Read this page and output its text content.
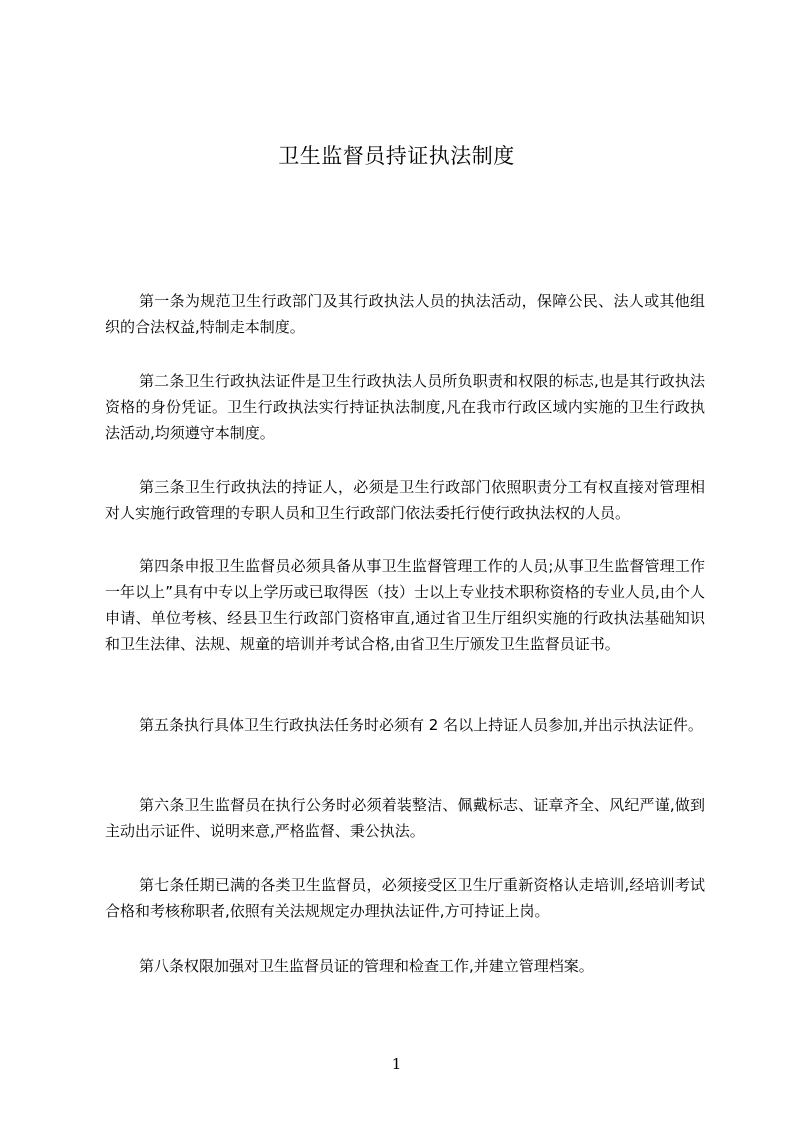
卫生监督员持证执法制度
第一条为规范卫生行政部门及其行政执法人员的执法活动，保障公民、法人或其他组织的合法权益,特制走本制度。
第二条卫生行政执法证件是卫生行政执法人员所负职责和权限的标志,也是其行政执法资格的身份凭证。卫生行政执法实行持证执法制度,凡在我市行政区域内实施的卫生行政执法活动,均须遵守本制度。
第三条卫生行政执法的持证人，必须是卫生行政部门依照职责分工有权直接对管理相对人实施行政管理的专职人员和卫生行政部门依法委托行使行政执法权的人员。
第四条申报卫生监督员必须具备从事卫生监督管理工作的人员;从事卫生监督管理工作一年以上”具有中专以上学历或已取得医（技）士以上专业技术职称资格的专业人员,由个人申请、单位考核、经县卫生行政部门资格审直,通过省卫生厅组织实施的行政执法基础知识和卫生法律、法规、规童的培训并考试合格,由省卫生厅颁发卫生监督员证书。
第五条执行具体卫生行政执法任务时必须有 2 名以上持证人员参加,并出示执法证件。
第六条卫生监督员在执行公务时必须着装整洁、佩戴标志、证章齐全、风纪严谨,做到主动出示证件、说明来意,严格监督、秉公执法。
第七条任期已满的各类卫生监督员，必须接受区卫生厅重新资格认走培训,经培训考试合格和考核称职者,依照有关法规规定办理执法证件,方可持证上岗。
第八条权限加强对卫生监督员证的管理和检查工作,并建立管理档案。
1
